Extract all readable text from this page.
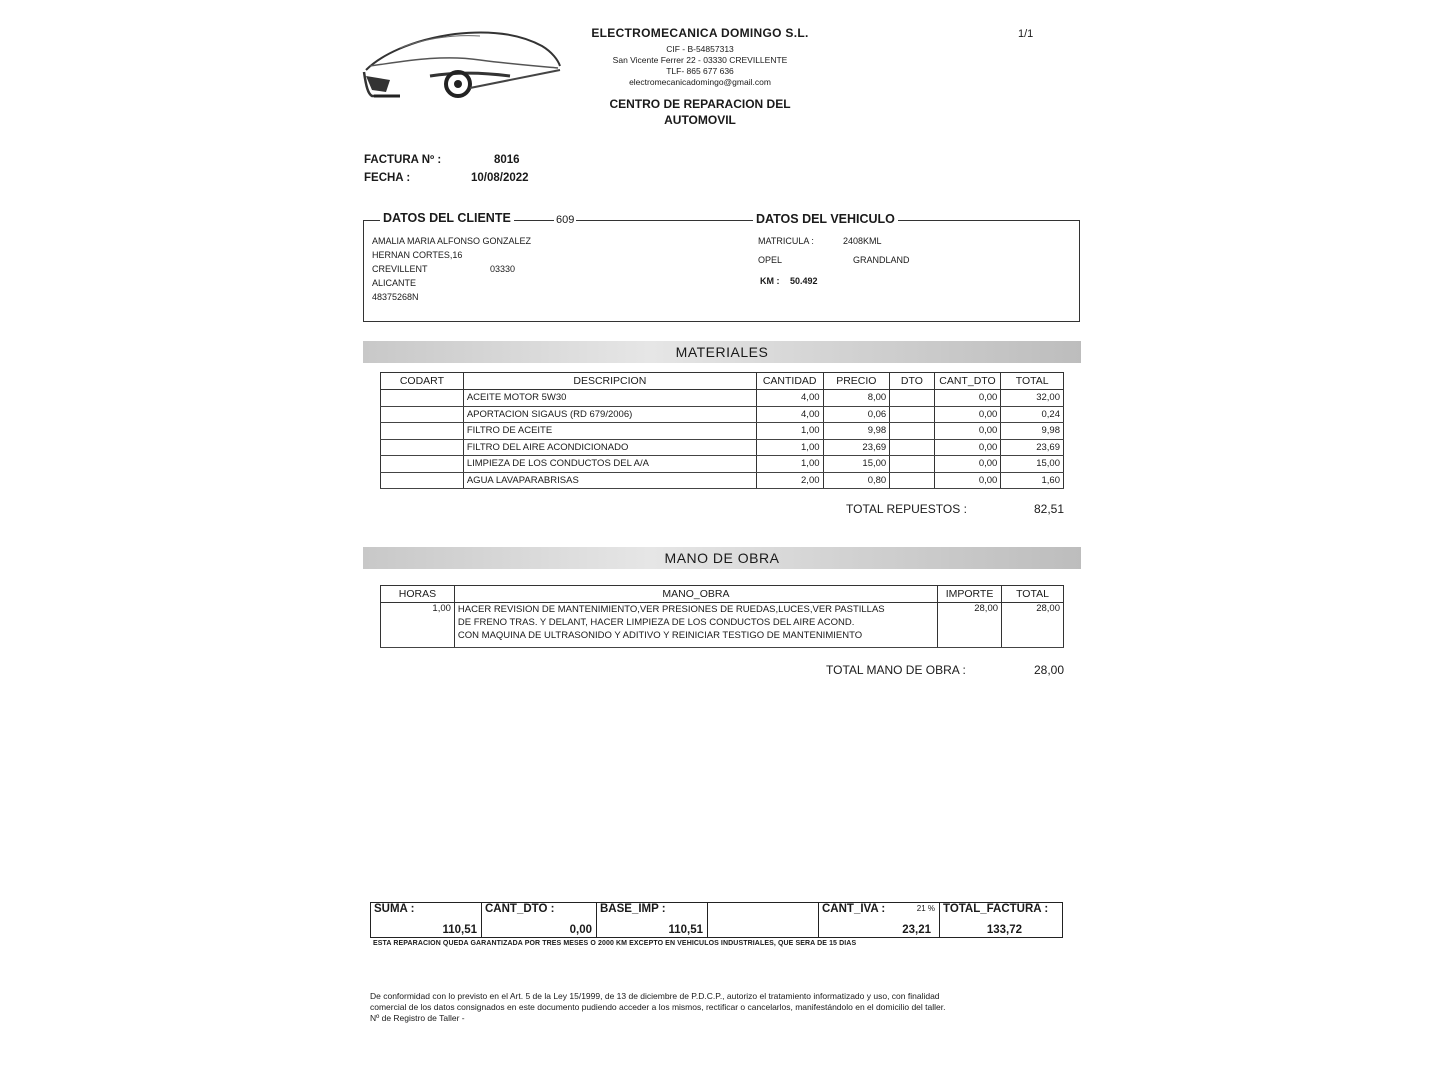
ELECTROMECANICA DOMINGO S.L.
CIF - B-54857313
San Vicente Ferrer 22 - 03330 CREVILLENTE
TLF- 865 677 636
electromecanicadomingo@gmail.com
CENTRO DE REPARACION DEL
AUTOMOVIL
1/1
FACTURA Nº :	8016
FECHA :	10/08/2022
DATOS DEL CLIENTE	609	DATOS DEL VEHICULO
AMALIA MARIA ALFONSO GONZALEZ
HERNAN CORTES,16
CREVILLENT	03330
ALICANTE
48375268N
MATRICULA :	2408KML
OPEL	GRANDLAND
KM : 50.492
MATERIALES
CODART	DESCRIPCION	CANTIDAD	PRECIO	DTO	CANT_DTO	TOTAL
	ACEITE MOTOR 5W30	4,00	8,00		0,00	32,00
	APORTACION SIGAUS (RD 679/2006)	4,00	0,06		0,00	0,24
	FILTRO DE ACEITE	1,00	9,98		0,00	9,98
	FILTRO DEL AIRE ACONDICIONADO	1,00	23,69		0,00	23,69
	LIMPIEZA DE LOS CONDUCTOS DEL A/A	1,00	15,00		0,00	15,00
	AGUA LAVAPARABRISAS	2,00	0,80		0,00	1,60
TOTAL REPUESTOS :	82,51
MANO DE OBRA
HORAS	MANO_OBRA	IMPORTE	TOTAL
1,00	HACER REVISION DE MANTENIMIENTO,VER PRESIONES DE RUEDAS,LUCES,VER PASTILLAS
DE FRENO TRAS. Y DELANT, HACER LIMPIEZA DE LOS CONDUCTOS DEL AIRE ACOND.
CON MAQUINA DE ULTRASONIDO Y ADITIVO Y REINICIAR TESTIGO DE MANTENIMIENTO	28,00	28,00
TOTAL MANO DE OBRA :	28,00
SUMA :
110,51

CANT_DTO :
0,00

BASE_IMP :
110,51

CANT_IVA :	21 %
23,21

TOTAL_FACTURA :
133,72
ESTA REPARACION QUEDA GARANTIZADA POR TRES MESES O 2000 KM EXCEPTO EN VEHICULOS INDUSTRIALES, QUE SERA DE 15 DIAS
De conformidad con lo previsto en el Art. 5 de la Ley 15/1999, de 13 de diciembre de P.D.C.P., autorizo el tratamiento informatizado y uso, con finalidad
comercial de los datos consignados en este documento pudiendo acceder a los mismos, rectificar o cancelarlos, manifestándolo en el domicilio del taller.
Nº de Registro de Taller -
